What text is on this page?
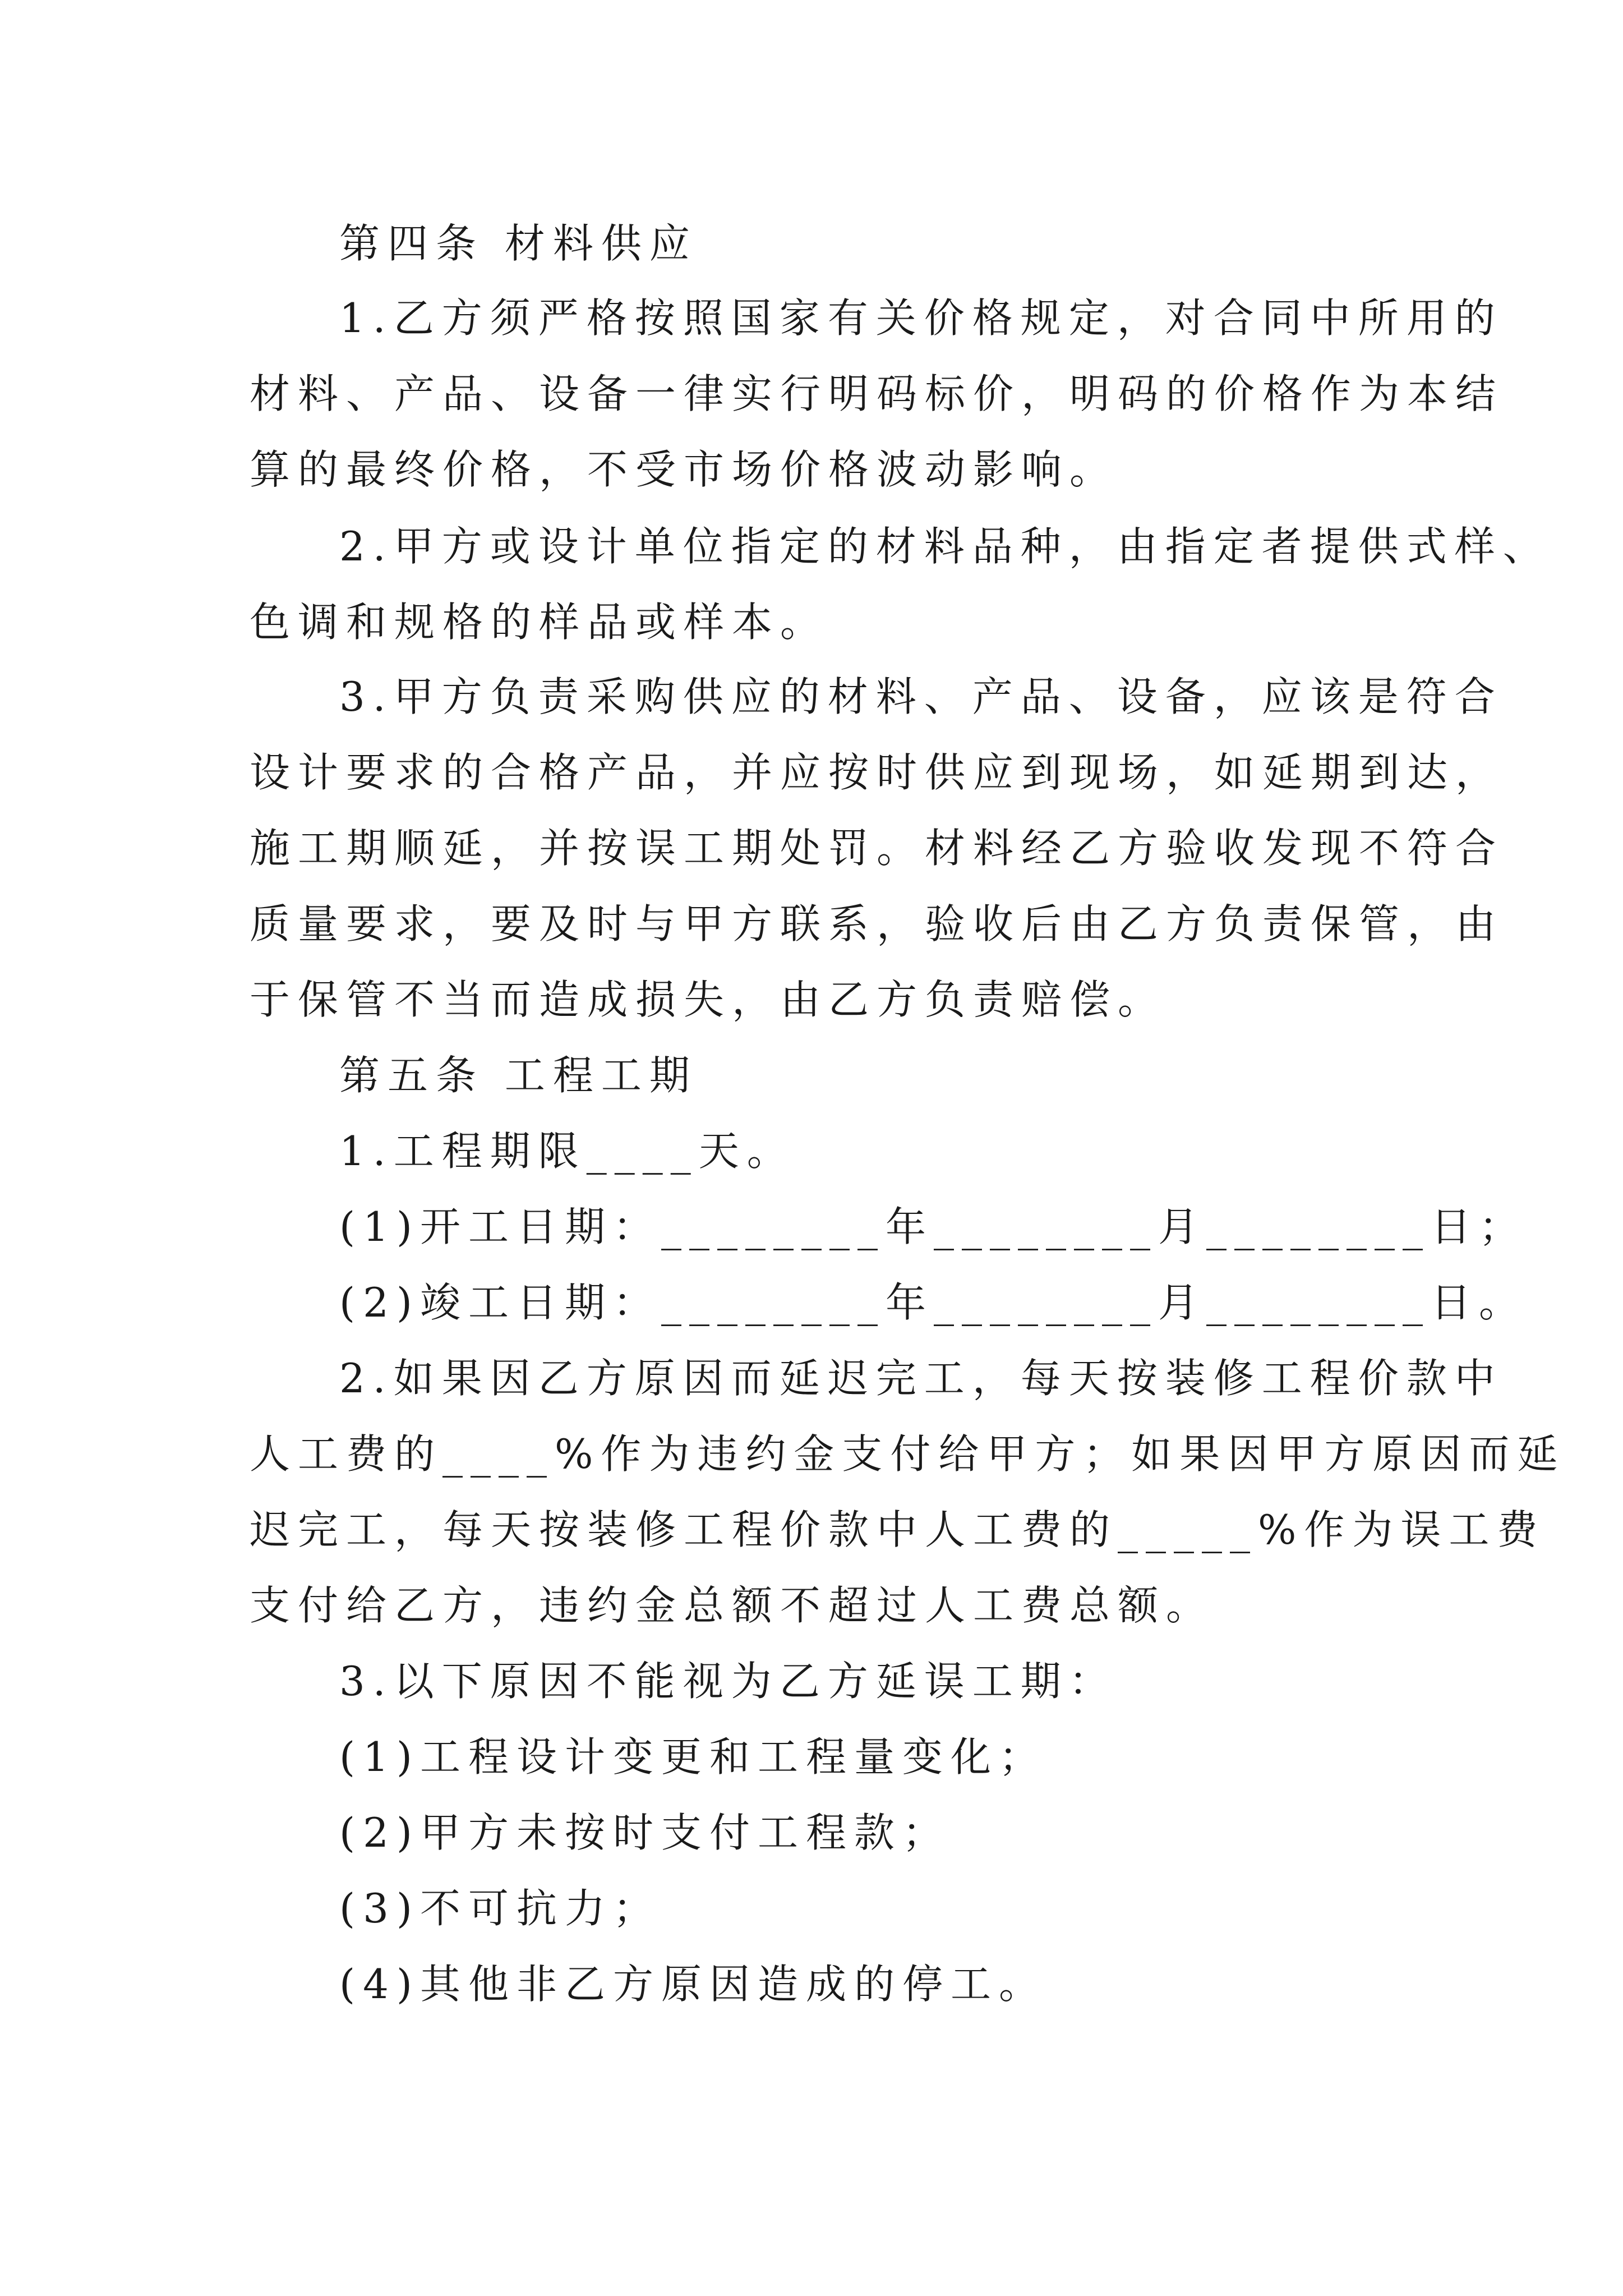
第四条 材料供应
1.乙方须严格按照国家有关价格规定，对合同中所用的
材料、产品、设备一律实行明码标价，明码的价格作为本结
算的最终价格，不受市场价格波动影响。
2.甲方或设计单位指定的材料品种，由指定者提供式样、
色调和规格的样品或样本。
3.甲方负责采购供应的材料、产品、设备，应该是符合
设计要求的合格产品，并应按时供应到现场，如延期到达，
施工期顺延，并按误工期处罚。材料经乙方验收发现不符合
质量要求，要及时与甲方联系，验收后由乙方负责保管，由
于保管不当而造成损失，由乙方负责赔偿。
第五条 工程工期
1.工程期限____天。
(1)开工日期：________年________月________日；
(2)竣工日期：________年________月________日。
2.如果因乙方原因而延迟完工，每天按装修工程价款中
人工费的____%作为违约金支付给甲方；如果因甲方原因而延
迟完工，每天按装修工程价款中人工费的_____%作为误工费
支付给乙方，违约金总额不超过人工费总额。
3.以下原因不能视为乙方延误工期：
(1)工程设计变更和工程量变化；
(2)甲方未按时支付工程款；
(3)不可抗力；
(4)其他非乙方原因造成的停工。
